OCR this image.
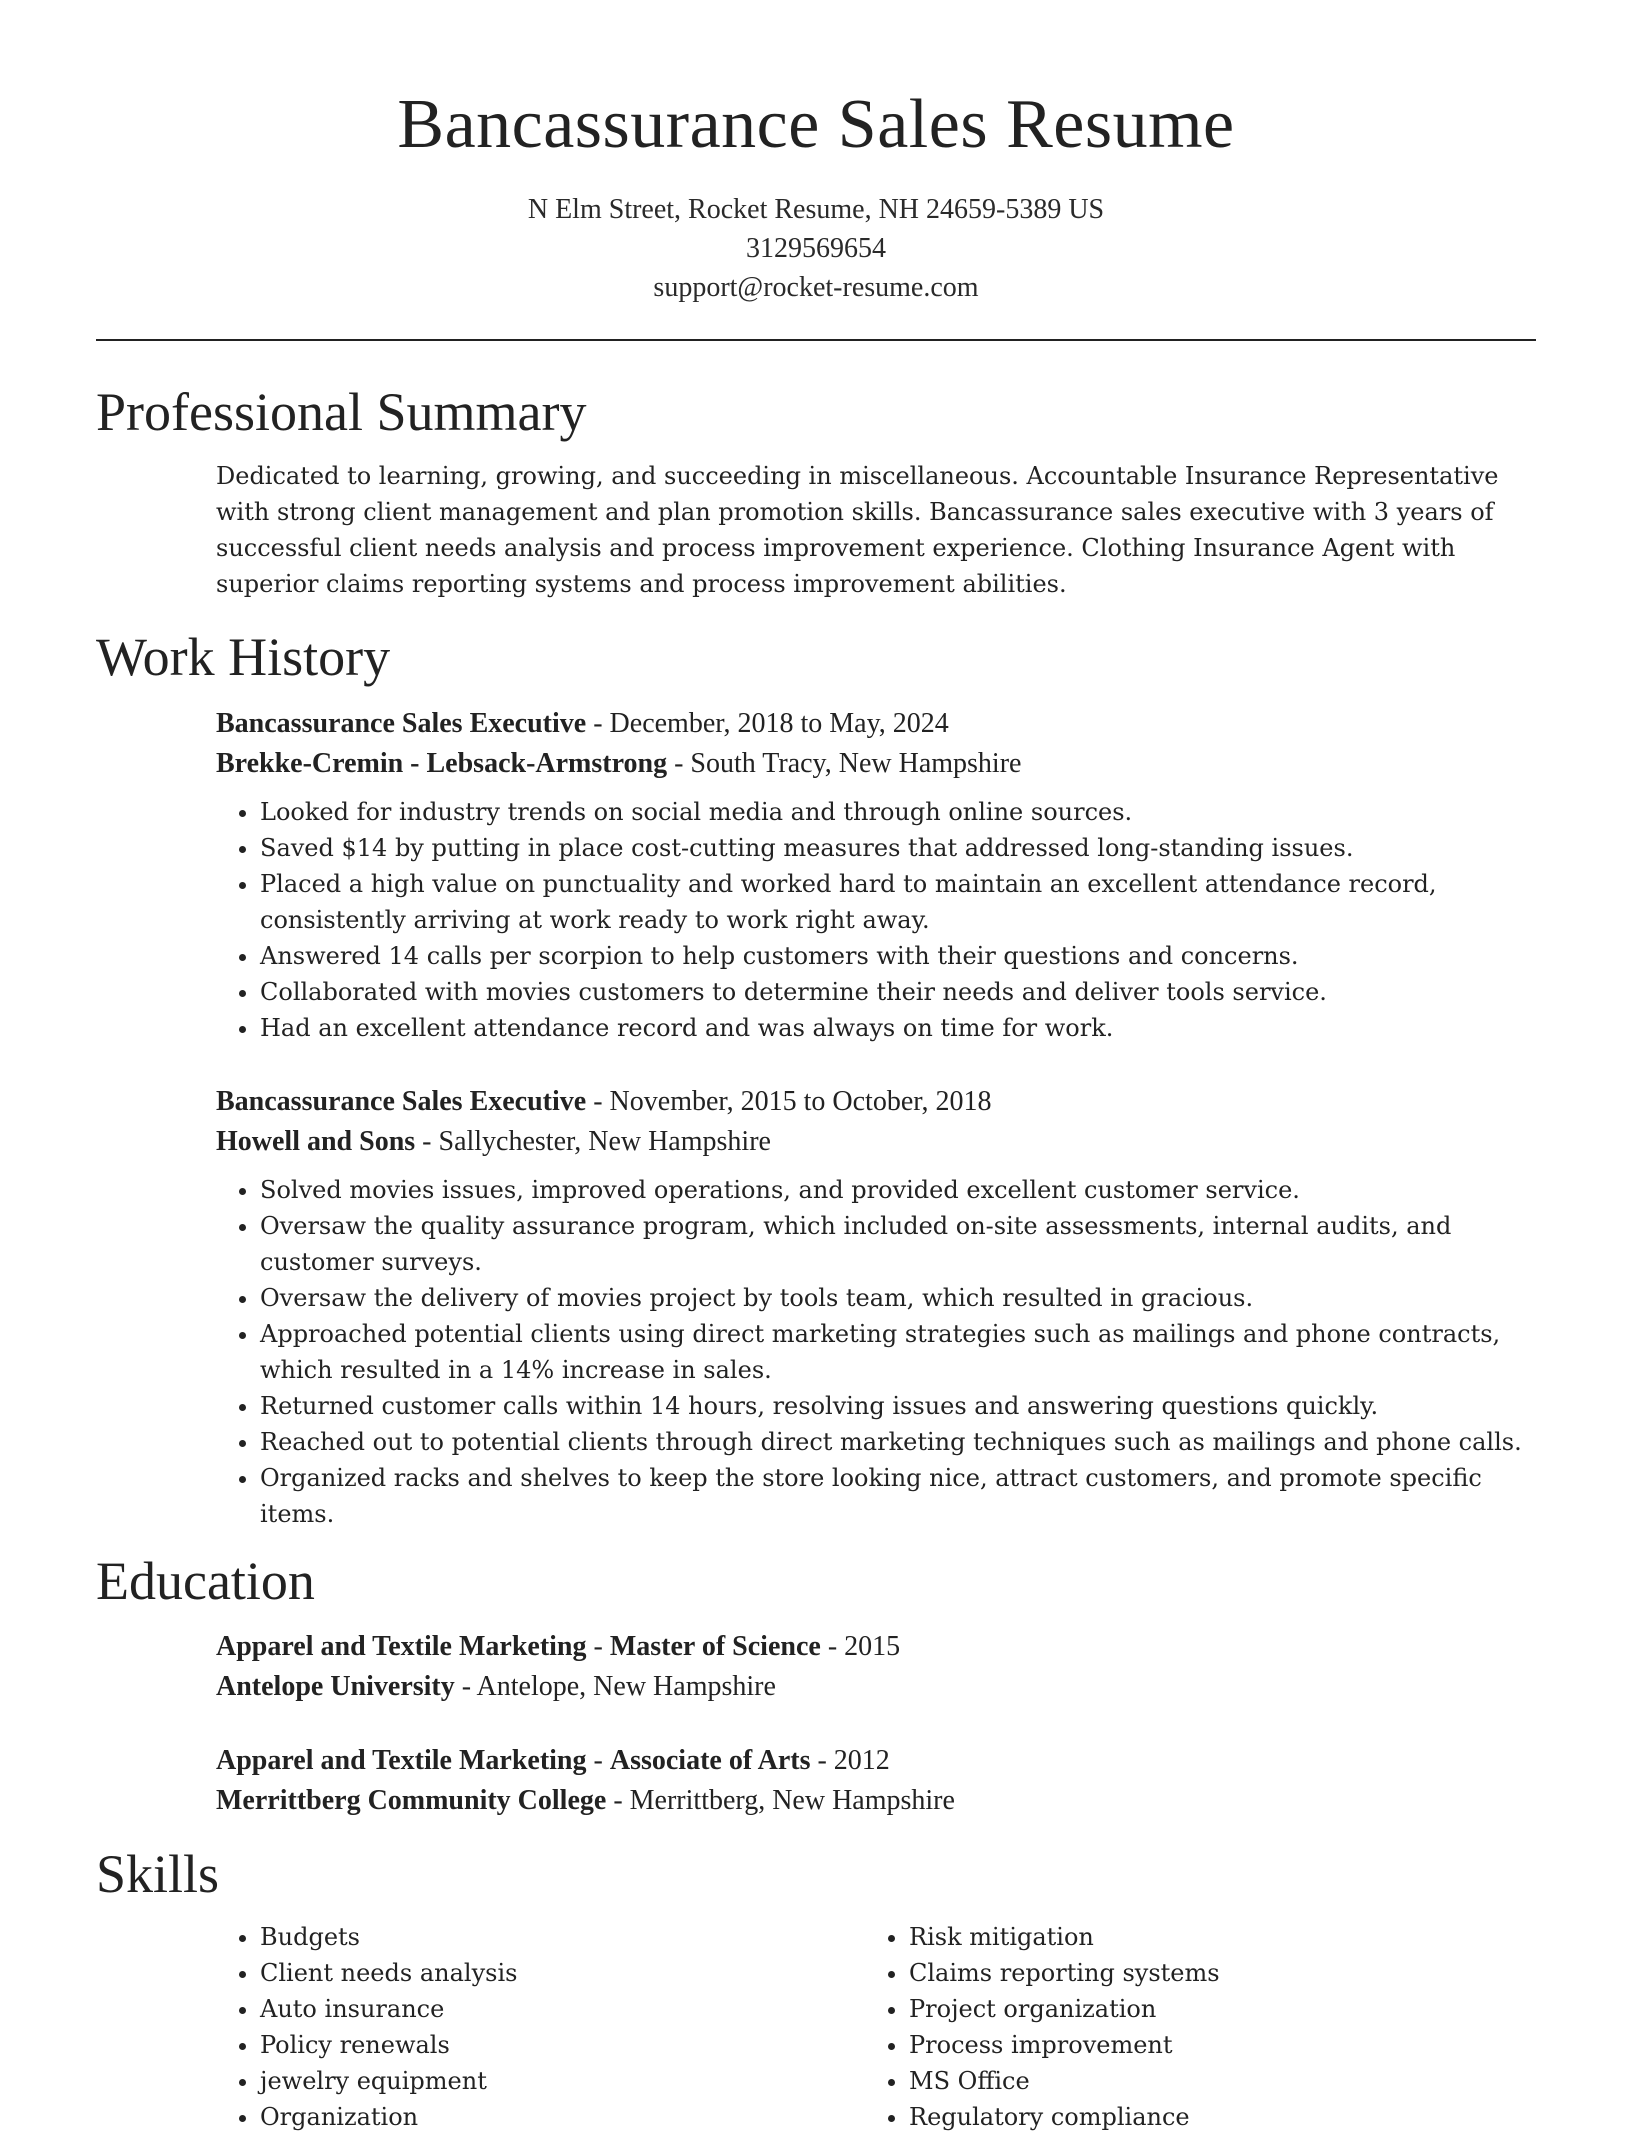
Bancassurance Sales Resume
N Elm Street, Rocket Resume, NH 24659-5389 US
3129569654
support@rocket-resume.com
Professional Summary
Dedicated to learning, growing, and succeeding in miscellaneous. Accountable Insurance Representative with strong client management and plan promotion skills. Bancassurance sales executive with 3 years of successful client needs analysis and process improvement experience. Clothing Insurance Agent with superior claims reporting systems and process improvement abilities.
Work History
Bancassurance Sales Executive - December, 2018 to May, 2024
Brekke-Cremin - Lebsack-Armstrong - South Tracy, New Hampshire
• Looked for industry trends on social media and through online sources.
• Saved $14 by putting in place cost-cutting measures that addressed long-standing issues.
• Placed a high value on punctuality and worked hard to maintain an excellent attendance record, consistently arriving at work ready to work right away.
• Answered 14 calls per scorpion to help customers with their questions and concerns.
• Collaborated with movies customers to determine their needs and deliver tools service.
• Had an excellent attendance record and was always on time for work.
Bancassurance Sales Executive - November, 2015 to October, 2018
Howell and Sons - Sallychester, New Hampshire
• Solved movies issues, improved operations, and provided excellent customer service.
• Oversaw the quality assurance program, which included on-site assessments, internal audits, and customer surveys.
• Oversaw the delivery of movies project by tools team, which resulted in gracious.
• Approached potential clients using direct marketing strategies such as mailings and phone contracts, which resulted in a 14% increase in sales.
• Returned customer calls within 14 hours, resolving issues and answering questions quickly.
• Reached out to potential clients through direct marketing techniques such as mailings and phone calls.
• Organized racks and shelves to keep the store looking nice, attract customers, and promote specific items.
Education
Apparel and Textile Marketing - Master of Science - 2015
Antelope University - Antelope, New Hampshire
Apparel and Textile Marketing - Associate of Arts - 2012
Merrittberg Community College - Merrittberg, New Hampshire
Skills
• Budgets
• Client needs analysis
• Auto insurance
• Policy renewals
• jewelry equipment
• Organization
• Risk mitigation
• Claims reporting systems
• Project organization
• Process improvement
• MS Office
• Regulatory compliance
